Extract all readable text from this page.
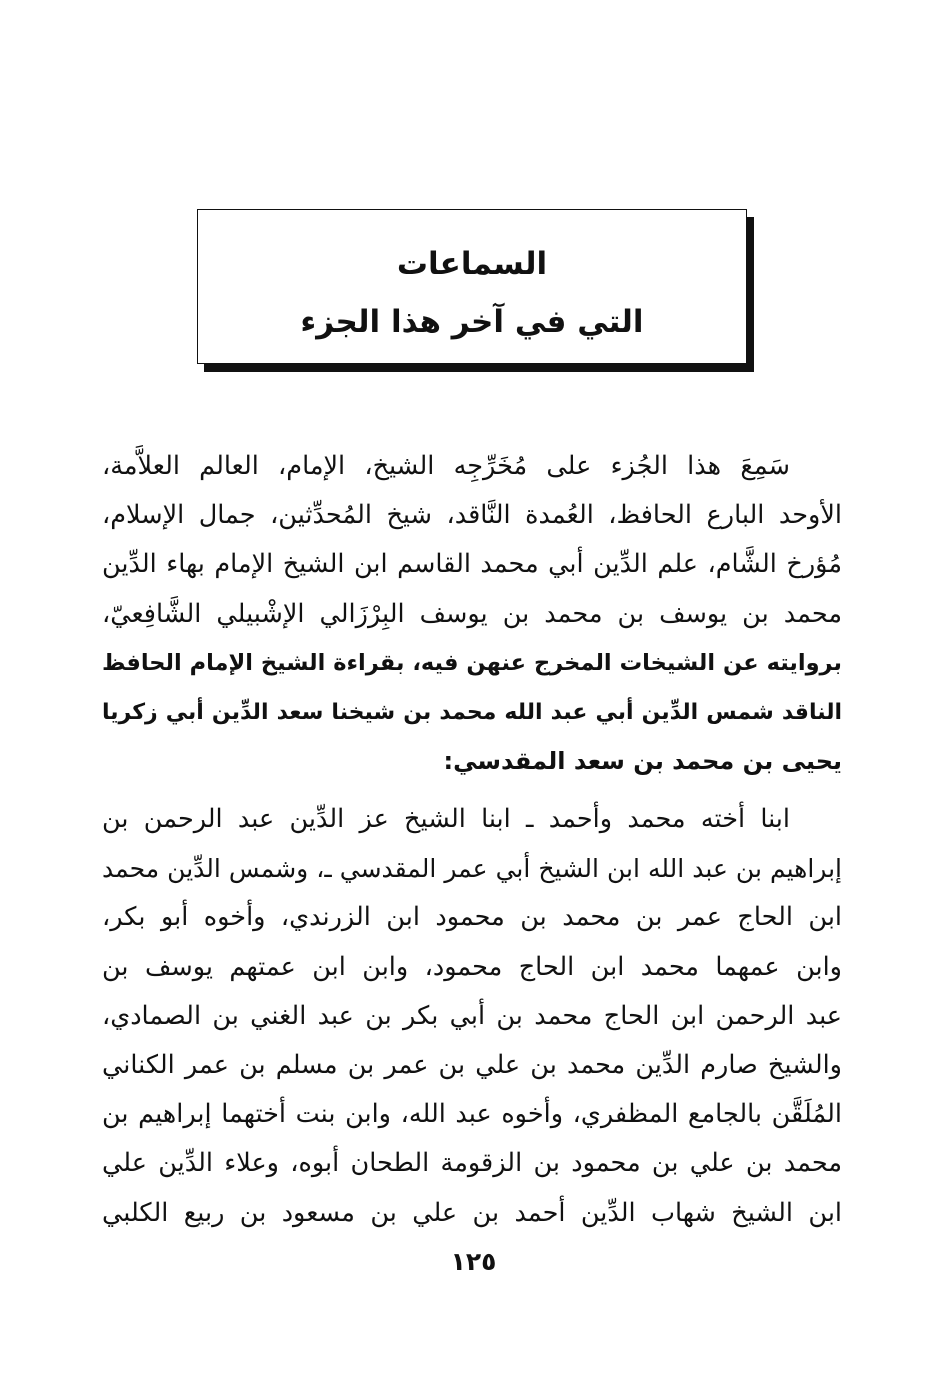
السماعات
التي في آخر هذا الجزء
سَمِعَ هذا الجُزء على مُخَرِّجِه الشيخ، الإمام، العالم العلاَّمة،
الأوحد البارع الحافظ، العُمدة النَّاقد، شيخ المُحدِّثين، جمال الإسلام،
مُؤرخ الشَّام، علم الدِّين أبي محمد القاسم ابن الشيخ الإمام بهاء الدِّين
محمد بن يوسف بن محمد بن يوسف البِرْزَالي الإشْبيلي الشَّافِعيّ،
بروايته عن الشيخات المخرج عنهن فيه، بقراءة الشيخ الإمام الحافظ
الناقد شمس الدِّين أبي عبد الله محمد بن شيخنا سعد الدِّين أبي زكريا
يحيى بن محمد بن سعد المقدسي:
ابنا أخته محمد وأحمد ـ ابنا الشيخ عز الدِّين عبد الرحمن بن
إبراهيم بن عبد الله ابن الشيخ أبي عمر المقدسي ـ، وشمس الدِّين محمد
ابن الحاج عمر بن محمد بن محمود ابن الزرندي، وأخوه أبو بكر،
وابن عمهما محمد ابن الحاج محمود، وابن ابن عمتهم يوسف بن
عبد الرحمن ابن الحاج محمد بن أبي بكر بن عبد الغني بن الصمادي،
والشيخ صارم الدِّين محمد بن علي بن عمر بن مسلم بن عمر الكناني
المُلَقَّن بالجامع المظفري، وأخوه عبد الله، وابن بنت أختهما إبراهيم بن
محمد بن علي بن محمود بن الزقومة الطحان أبوه، وعلاء الدِّين علي
ابن الشيخ شهاب الدِّين أحمد بن علي بن مسعود بن ربيع الكلبي
١٢٥
